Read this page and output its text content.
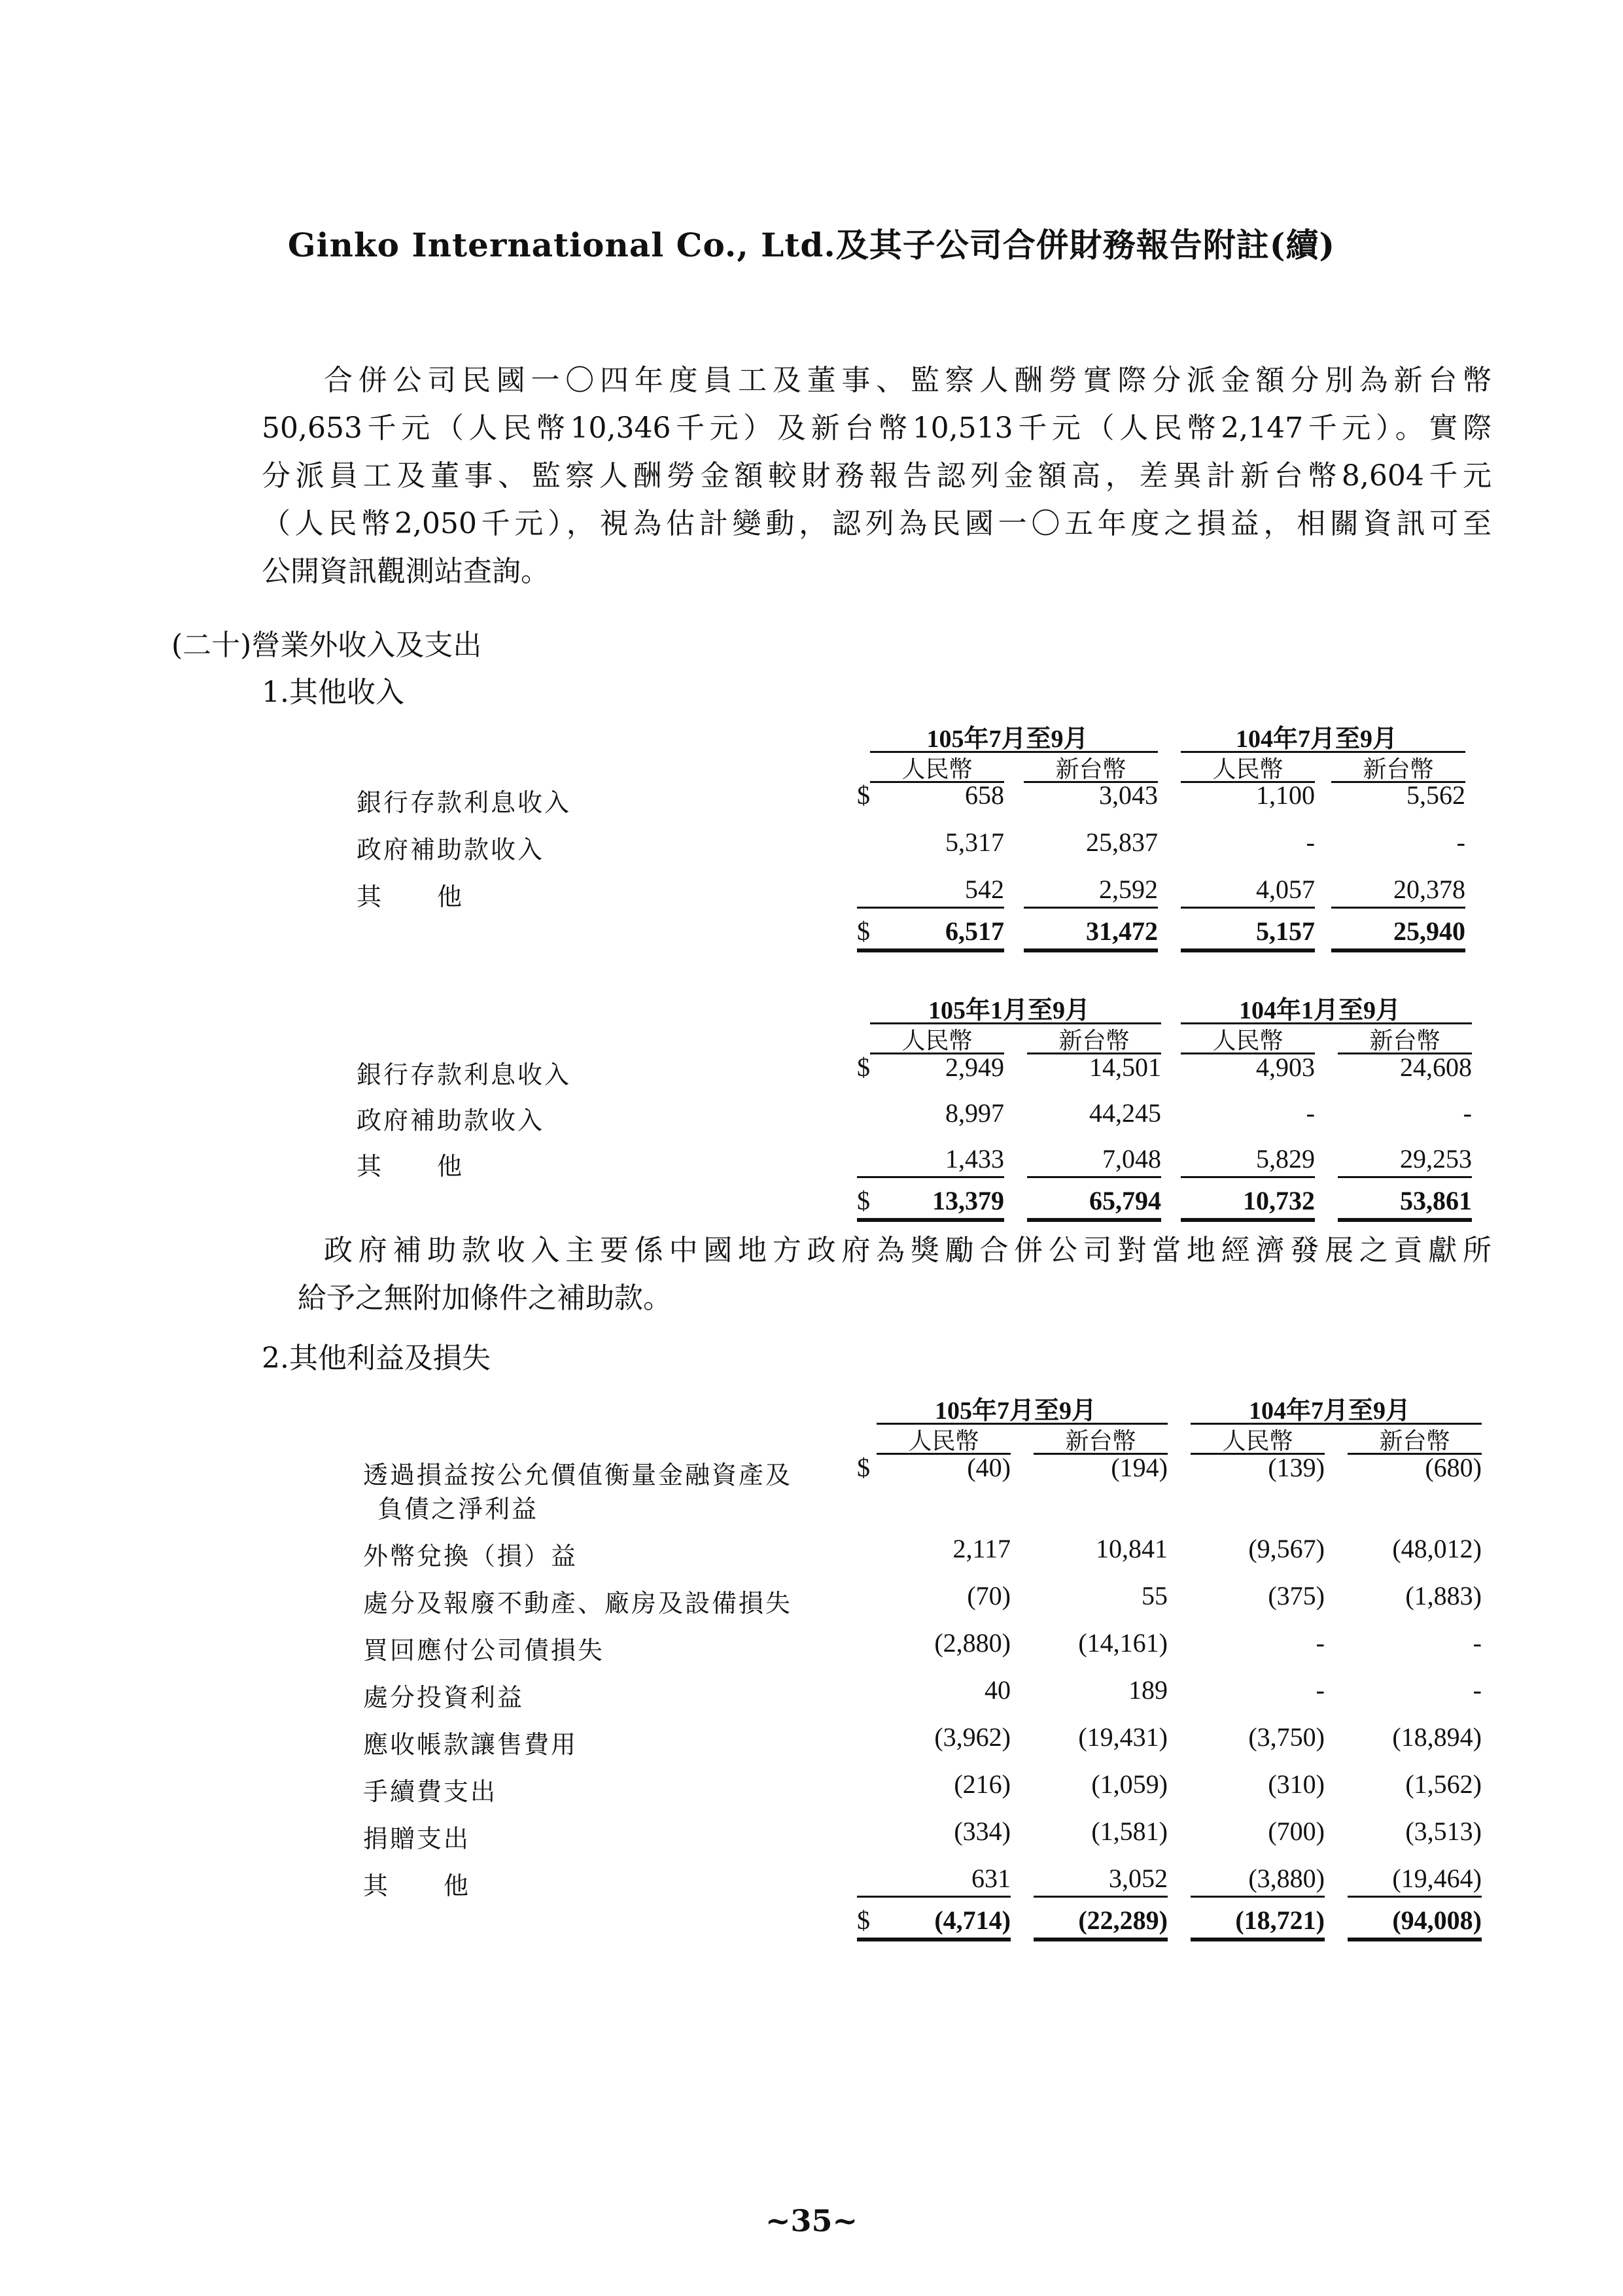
Ginko International Co., Ltd.及其子公司合併財務報告附註(續)
合併公司民國一〇四年度員工及董事、監察人酬勞實際分派金額分別為新台幣
50,653千元（人民幣10,346千元）及新台幣10,513千元（人民幣2,147千元）。實際
分派員工及董事、監察人酬勞金額較財務報告認列金額高，差異計新台幣8,604千元
（人民幣2,050千元），視為估計變動，認列為民國一〇五年度之損益，相關資訊可至
公開資訊觀測站查詢。
(二十)營業外收入及支出
1.其他收入
105年7月至9月	104年7月至9月
人民幣	新台幣	人民幣	新台幣
銀行存款利息收入	$	658	3,043	1,100	5,562
政府補助款收入	5,317	25,837	-	-
其　　他	542	2,592	4,057	20,378
$	6,517	31,472	5,157	25,940
105年1月至9月	104年1月至9月
人民幣	新台幣	人民幣	新台幣
銀行存款利息收入	$	2,949	14,501	4,903	24,608
政府補助款收入	8,997	44,245	-	-
其　　他	1,433	7,048	5,829	29,253
$	13,379	65,794	10,732	53,861
政府補助款收入主要係中國地方政府為獎勵合併公司對當地經濟發展之貢獻所
給予之無附加條件之補助款。
2.其他利益及損失
105年7月至9月	104年7月至9月
人民幣	新台幣	人民幣	新台幣
透過損益按公允價值衡量金融資產及 $	(40)	(194)	(139)	(680)
負債之淨利益
外幣兌換（損）益	2,117	10,841	(9,567)	(48,012)
處分及報廢不動產、廠房及設備損失	(70)	55	(375)	(1,883)
買回應付公司債損失	(2,880)	(14,161)	-	-
處分投資利益	40	189	-	-
應收帳款讓售費用	(3,962)	(19,431)	(3,750)	(18,894)
手續費支出	(216)	(1,059)	(310)	(1,562)
捐贈支出	(334)	(1,581)	(700)	(3,513)
其　　他	631	3,052	(3,880)	(19,464)
$	(4,714)	(22,289)	(18,721)	(94,008)
~35~
